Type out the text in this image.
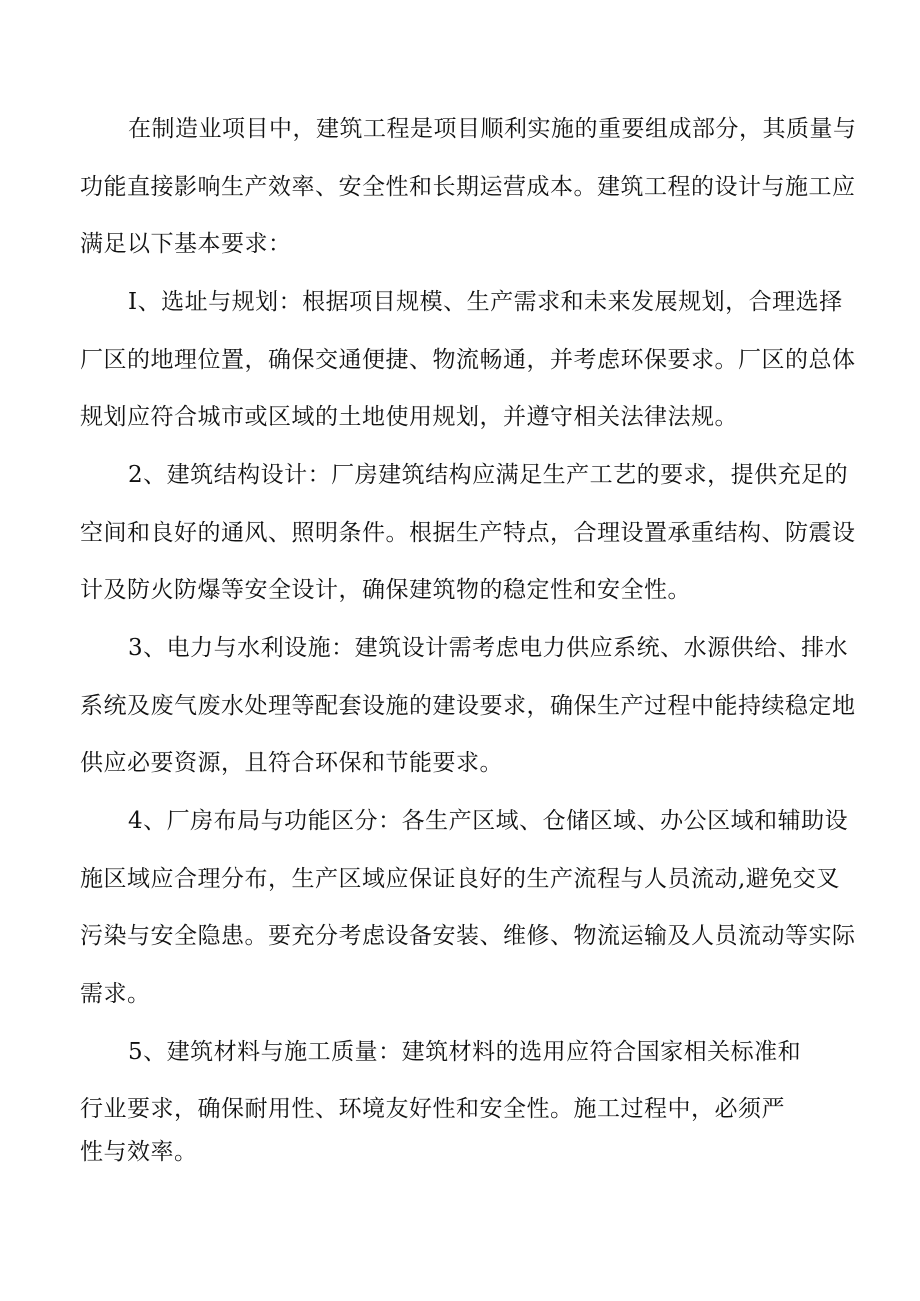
在制造业项目中，建筑工程是项目顺利实施的重要组成部分，其质量与

功能直接影响生产效率、安全性和长期运营成本。建筑工程的设计与施工应

满足以下基本要求：

I、选址与规划：根据项目规模、生产需求和未来发展规划，合理选择

厂区的地理位置，确保交通便捷、物流畅通，并考虑环保要求。厂区的总体

规划应符合城市或区域的土地使用规划，并遵守相关法律法规。

2、建筑结构设计：厂房建筑结构应满足生产工艺的要求，提供充足的

空间和良好的通风、照明条件。根据生产特点，合理设置承重结构、防震设

计及防火防爆等安全设计，确保建筑物的稳定性和安全性。

3、电力与水利设施：建筑设计需考虑电力供应系统、水源供给、排水

系统及废气废水处理等配套设施的建设要求，确保生产过程中能持续稳定地

供应必要资源，且符合环保和节能要求。

4、厂房布局与功能区分：各生产区域、仓储区域、办公区域和辅助设

施区域应合理分布，生产区域应保证良好的生产流程与人员流动,避免交叉

污染与安全隐患。要充分考虑设备安装、维修、物流运输及人员流动等实际

需求。

5、建筑材料与施工质量：建筑材料的选用应符合国家相关标准和

行业要求，确保耐用性、环境友好性和安全性。施工过程中，必须严

性与效率。
